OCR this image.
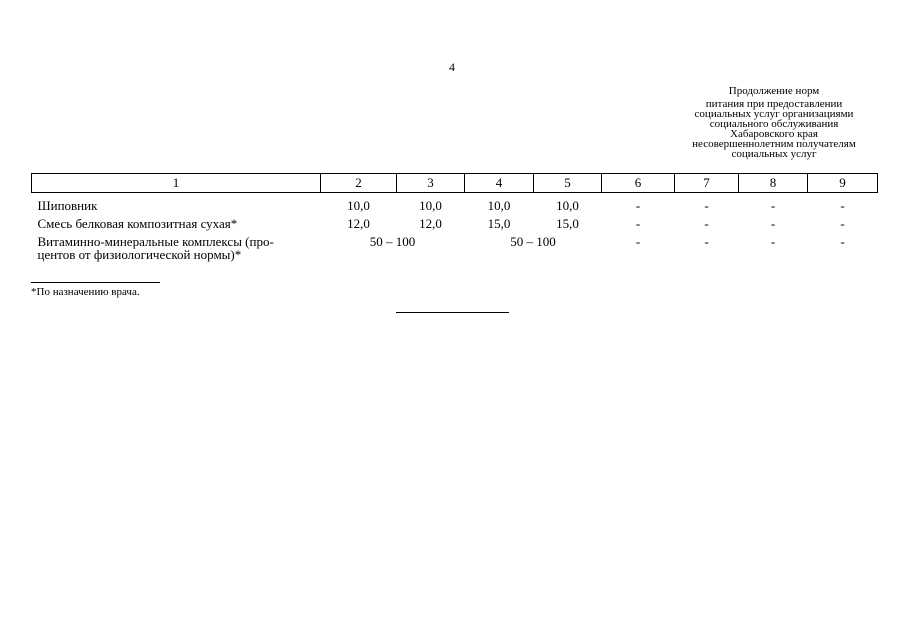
4
Продолжение норм
питания при предоставлении
социальных услуг организациями
социального обслуживания
Хабаровского края
несовершеннолетним получателям
социальных услуг
1	2	3	4	5	6	7	8	9
Шиповник	10,0	10,0	10,0	10,0	-	-	-	-
Смесь белковая композитная сухая*	12,0	12,0	15,0	15,0	-	-	-	-

Витаминно-минеральные комплексы (про-
центов от физиологической нормы)*	50 – 100		50 – 100		-	-	-	-
*По назначению врача.
